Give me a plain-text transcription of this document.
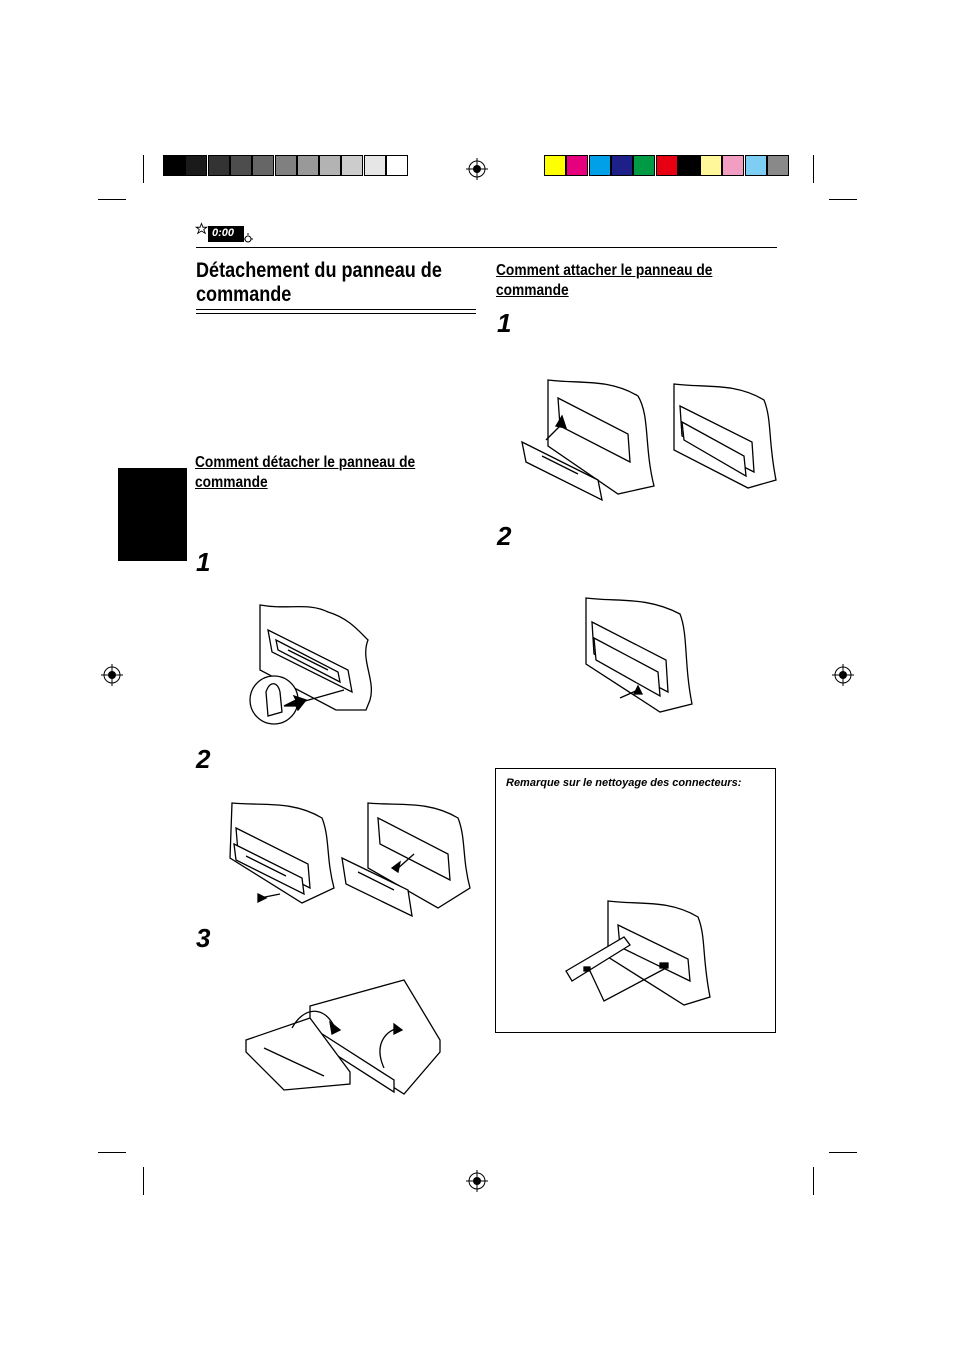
0:00
Détachement du panneau de commande
Comment détacher le panneau de commande
1
2
3
Comment attacher le panneau de commande
1
2
Remarque sur le nettoyage des connecteurs:
